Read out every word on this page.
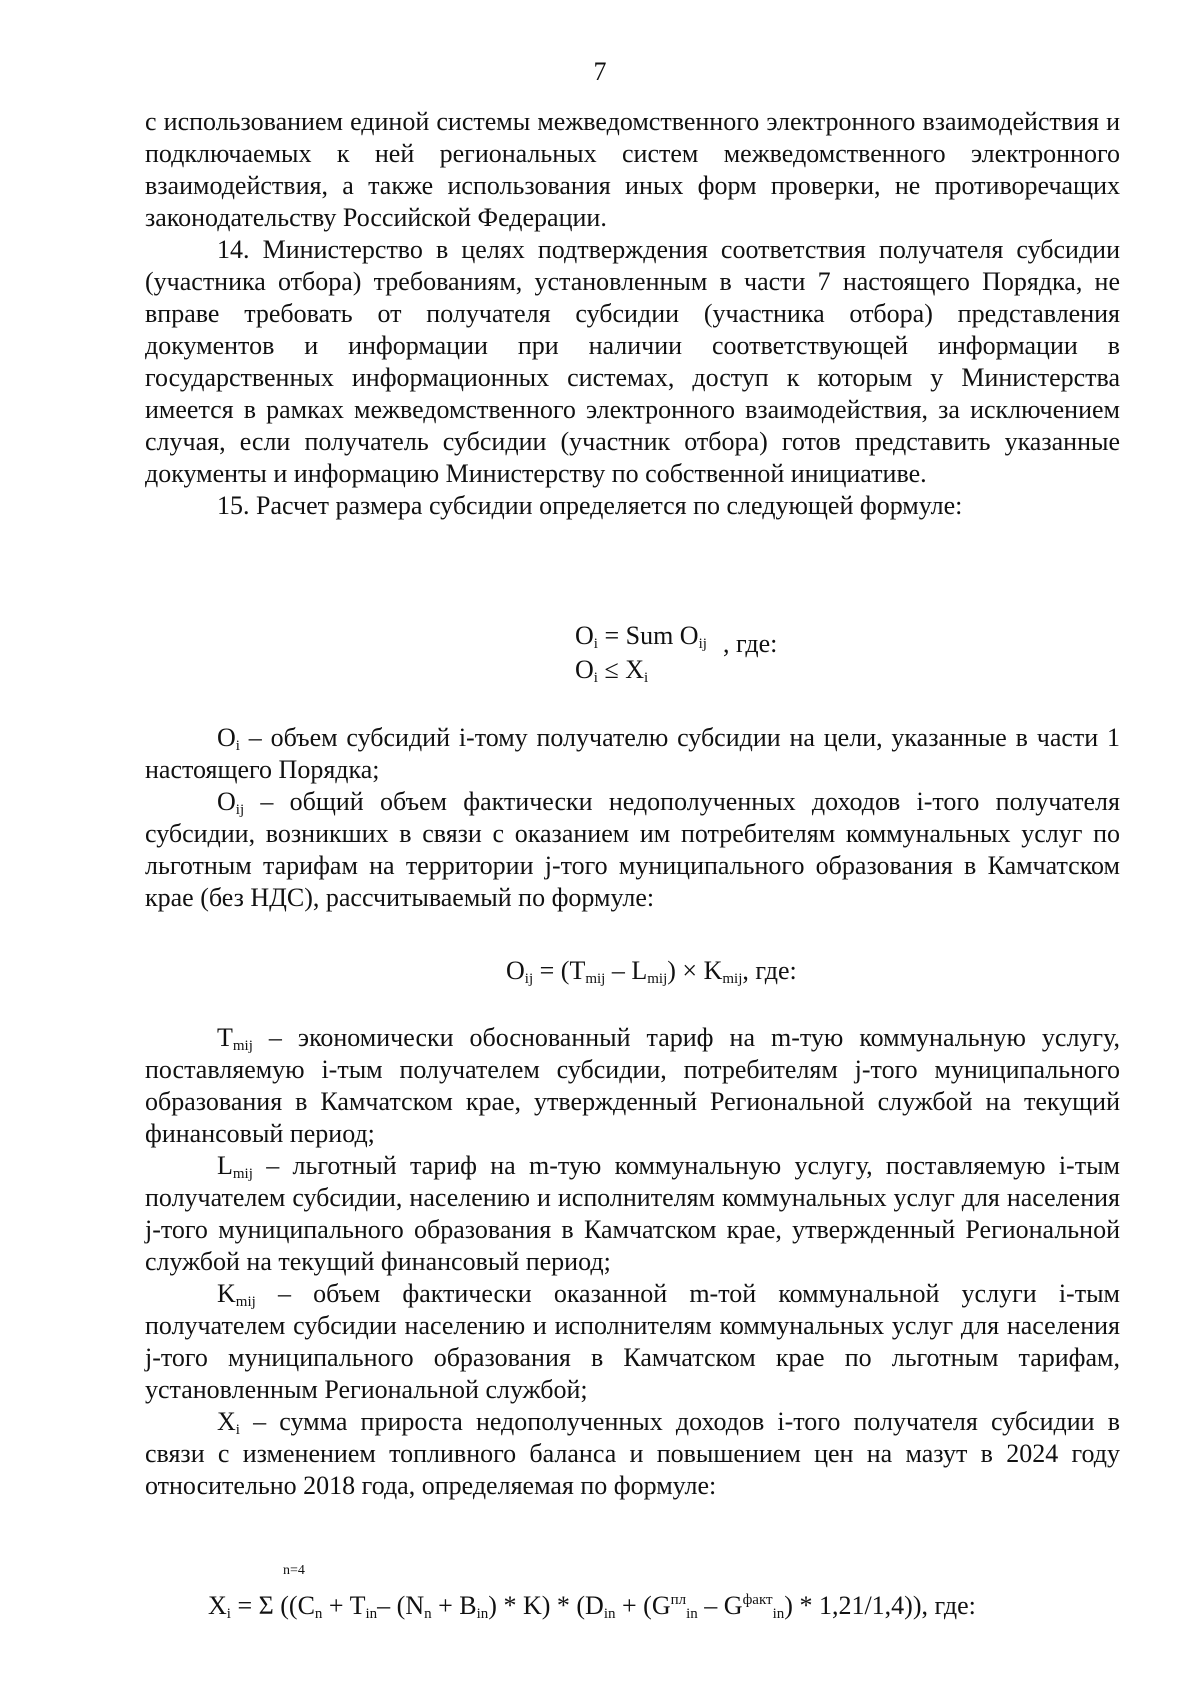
7

с использованием единой системы межведомственного электронного взаимодействия и подключаемых к ней региональных систем межведомственного электронного взаимодействия, а также использования иных форм проверки, не противоречащих законодательству Российской Федерации.

14. Министерство в целях подтверждения соответствия получателя субсидии (участника отбора) требованиям, установленным в части 7 настоящего Порядка, не вправе требовать от получателя субсидии (участника отбора) представления документов и информации при наличии соответствующей информации в государственных информационных системах, доступ к которым у Министерства имеется в рамках межведомственного электронного взаимодействия, за исключением случая, если получатель субсидии (участник отбора) готов представить указанные документы и информацию Министерству по собственной инициативе.

15. Расчет размера субсидии определяется по следующей формуле:

$O_i$ = Sum $O_{ij}$
$O_i \le X_i$
, где:

$O_i$ – объем субсидий i-тому получателю субсидии на цели, указанные в части 1 настоящего Порядка;

$O_{ij}$ – общий объем фактически недополученных доходов i-того получателя субсидии, возникших в связи с оказанием им потребителям коммунальных услуг по льготным тарифам на территории j-того муниципального образования в Камчатском крае (без НДС), рассчитываемый по формуле:

$O_{ij} = (T_{mij} - L_{mij}) \times K_{mij}$, где:

$T_{mij}$ – экономически обоснованный тариф на m-тую коммунальную услугу, поставляемую i-тым получателем субсидии, потребителям j-того муниципального образования в Камчатском крае, утвержденный Региональной службой на текущий финансовый период;

$L_{mij}$ – льготный тариф на m-тую коммунальную услугу, поставляемую i-тым получателем субсидии, населению и исполнителям коммунальных услуг для населения j-того муниципального образования в Камчатском крае, утвержденный Региональной службой на текущий финансовый период;

$K_{mij}$ – объем фактически оказанной m-той коммунальной услуги i-тым получателем субсидии населению и исполнителям коммунальных услуг для населения j-того муниципального образования в Камчатском крае по льготным тарифам, установленным Региональной службой;

$X_i$ – сумма прироста недополученных доходов i-того получателя субсидии в связи с изменением топливного баланса и повышением цен на мазут в 2024 году относительно 2018 года, определяемая по формуле:

n=4
$X_i = \Sigma$ (($C_n + T_{in}-$ $(N_n + B_{in}) * K) * (D_{in} + (G^{пл}_{in} - G^{факт}_{in}) * 1,21/1,4)$), где:
